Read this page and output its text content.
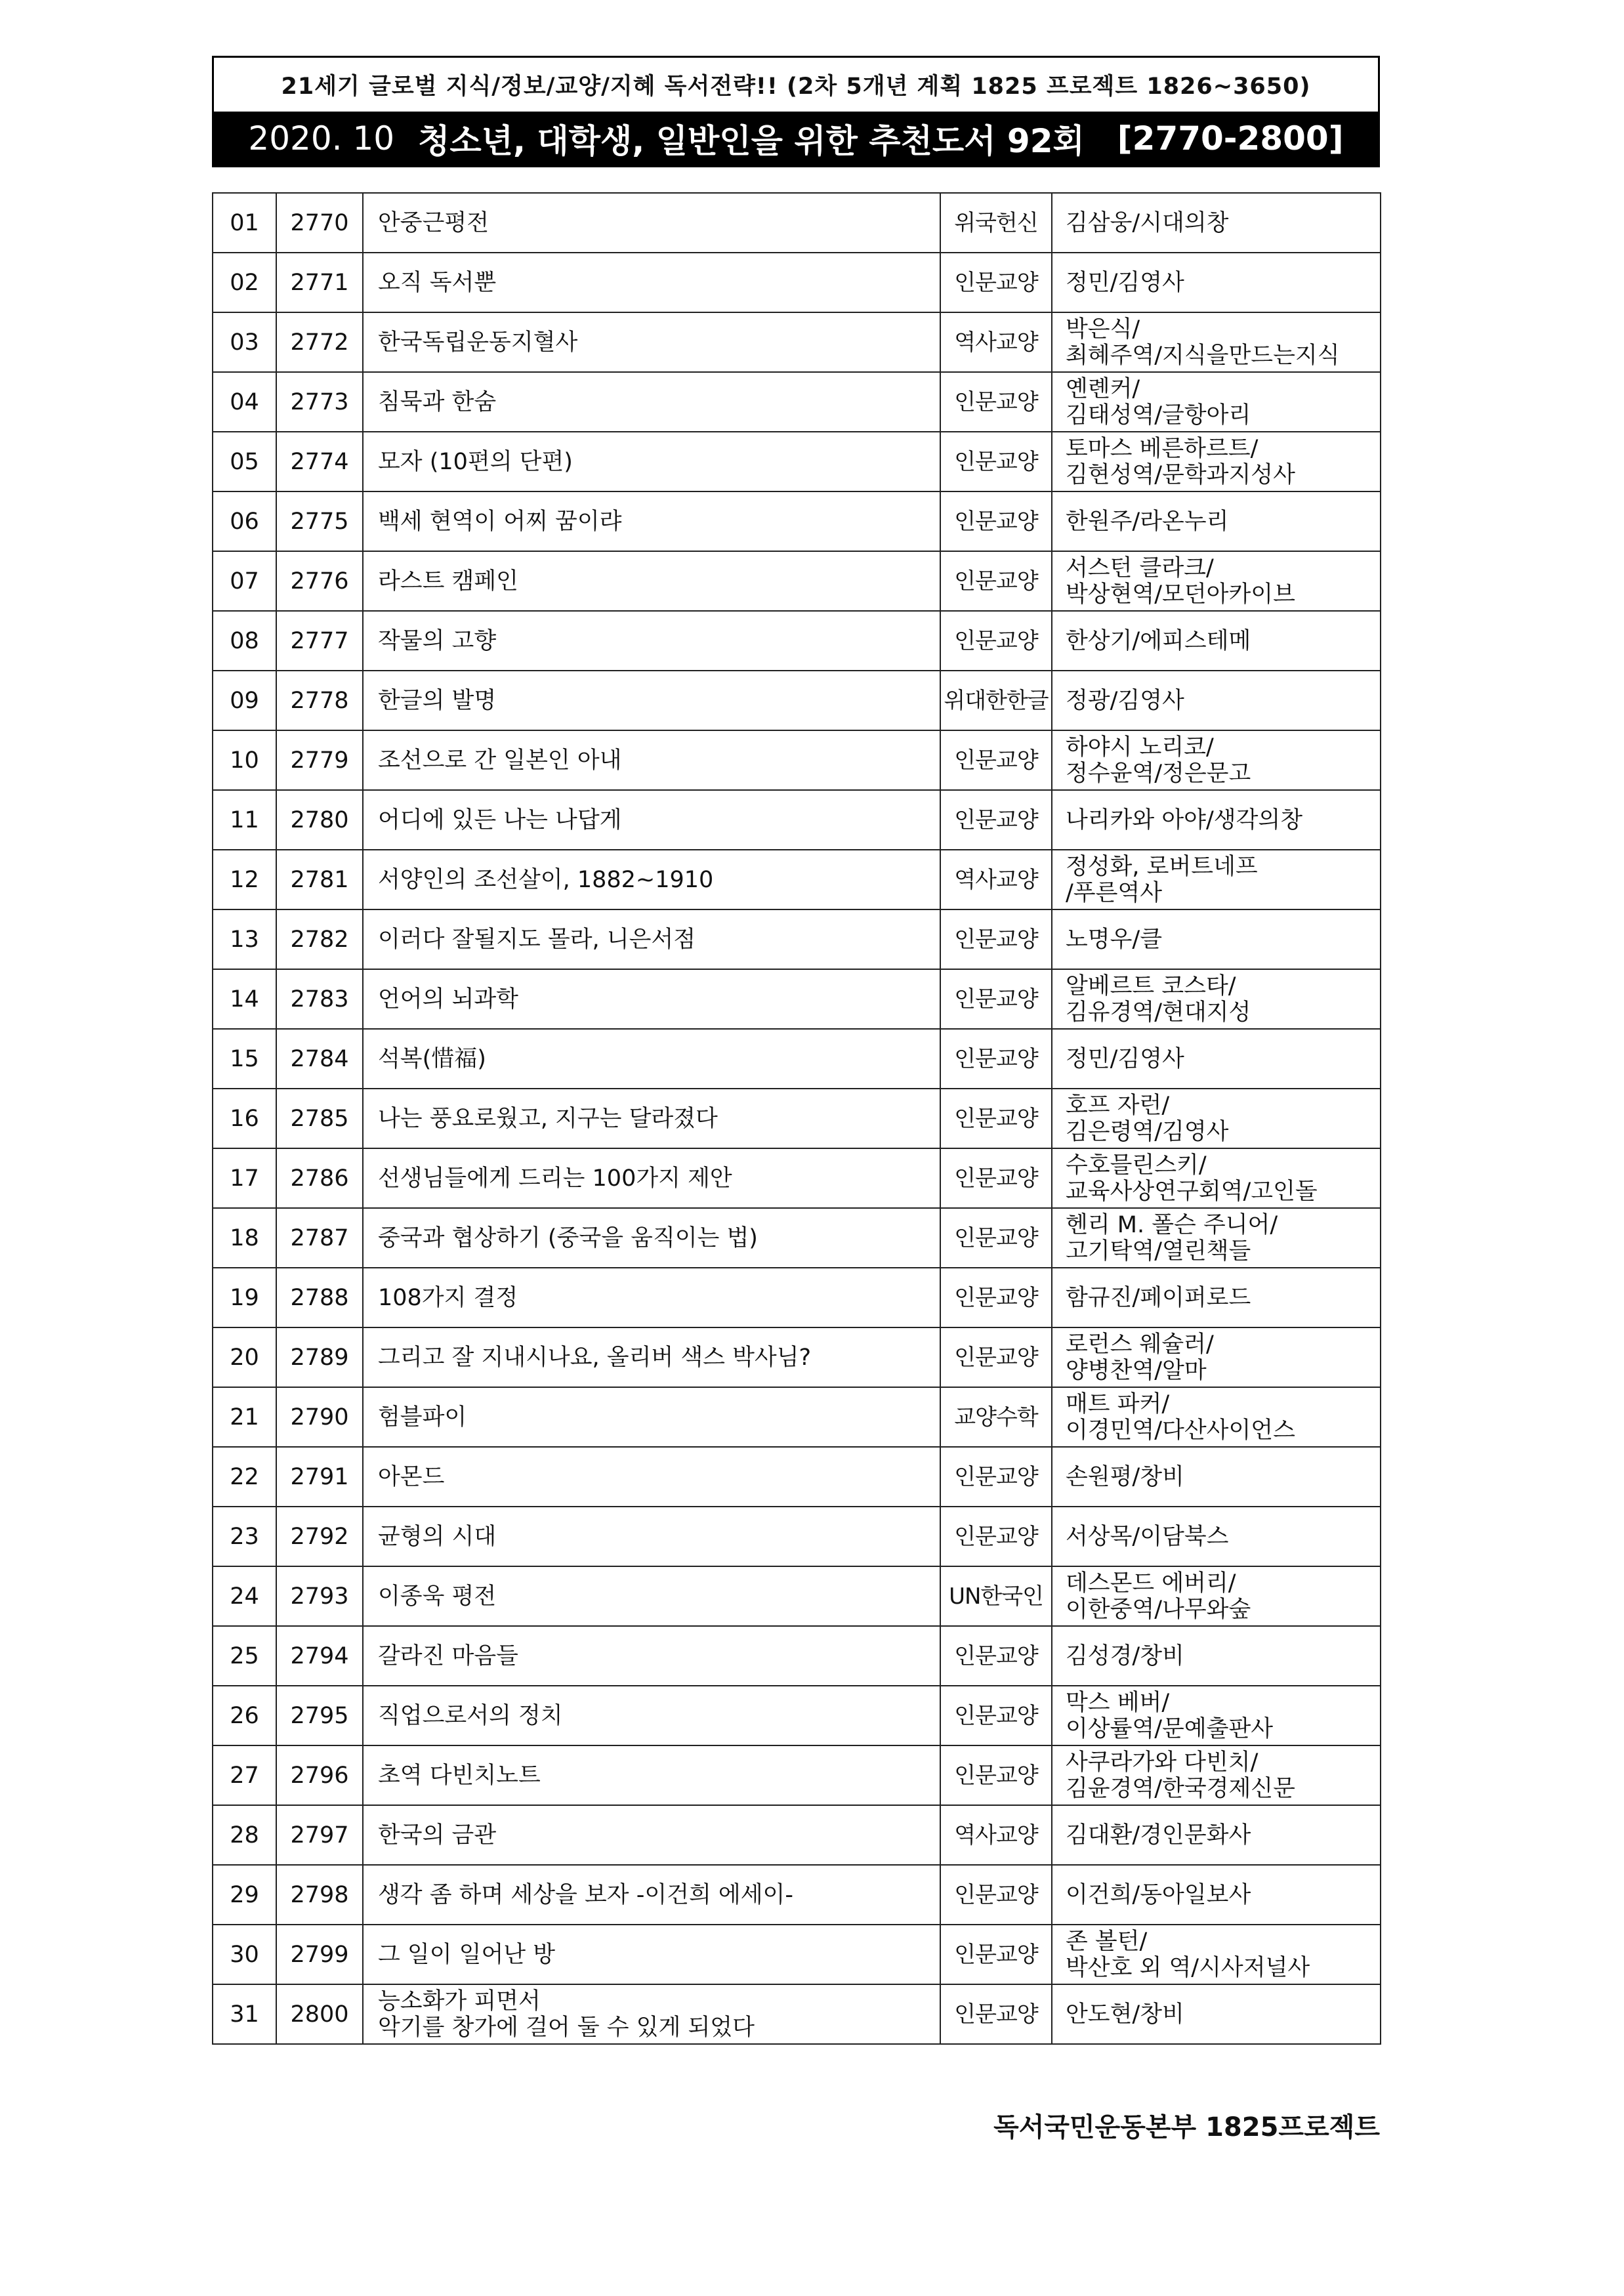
21세기 글로벌 지식/정보/교양/지혜 독서전략!! (2차 5개년 계획 1825 프로젝트 1826~3650)
2020. 10 청소년, 대학생, 일반인을 위한 추천도서 92회 [2770-2800]
01	2770	안중근평전	위국헌신	김삼웅/시대의창
02	2771	오직 독서뿐	인문교양	정민/김영사
03	2772	한국독립운동지혈사	역사교양	박은식/
최혜주역/지식을만드는지식
04	2773	침묵과 한숨	인문교양	옌롄커/
김태성역/글항아리
05	2774	모자 (10편의 단편)	인문교양	토마스 베른하르트/
김현성역/문학과지성사
06	2775	백세 현역이 어찌 꿈이랴	인문교양	한원주/라온누리
07	2776	라스트 캠페인	인문교양	서스턴 클라크/
박상현역/모던아카이브
08	2777	작물의 고향	인문교양	한상기/에피스테메
09	2778	한글의 발명	위대한한글	정광/김영사
10	2779	조선으로 간 일본인 아내	인문교양	하야시 노리코/
정수윤역/정은문고
11	2780	어디에 있든 나는 나답게	인문교양	나리카와 아야/생각의창
12	2781	서양인의 조선살이, 1882~1910	역사교양	정성화, 로버트네프
/푸른역사
13	2782	이러다 잘될지도 몰라, 니은서점	인문교양	노명우/클
14	2783	언어의 뇌과학	인문교양	알베르트 코스타/
김유경역/현대지성
15	2784	석복(惜福)	인문교양	정민/김영사
16	2785	나는 풍요로웠고, 지구는 달라졌다	인문교양	호프 자런/
김은령역/김영사
17	2786	선생님들에게 드리는 100가지 제안	인문교양	수호믈린스키/
교육사상연구회역/고인돌
18	2787	중국과 협상하기 (중국을 움직이는 법)	인문교양	헨리 M. 폴슨 주니어/
고기탁역/열린책들
19	2788	108가지 결정	인문교양	함규진/페이퍼로드
20	2789	그리고 잘 지내시나요, 올리버 색스 박사님?	인문교양	로런스 웨슐러/
양병찬역/알마
21	2790	험블파이	교양수학	매트 파커/
이경민역/다산사이언스
22	2791	아몬드	인문교양	손원평/창비
23	2792	균형의 시대	인문교양	서상목/이담북스
24	2793	이종욱 평전	UN한국인	데스몬드 에버리/
이한중역/나무와숲
25	2794	갈라진 마음들	인문교양	김성경/창비
26	2795	직업으로서의 정치	인문교양	막스 베버/
이상률역/문예출판사
27	2796	초역 다빈치노트	인문교양	사쿠라가와 다빈치/
김윤경역/한국경제신문
28	2797	한국의 금관	역사교양	김대환/경인문화사
29	2798	생각 좀 하며 세상을 보자 -이건희 에세이-	인문교양	이건희/동아일보사
30	2799	그 일이 일어난 방	인문교양	존 볼턴/
박산호 외 역/시사저널사
31	2800	능소화가 피면서
악기를 창가에 걸어 둘 수 있게 되었다	인문교양	안도현/창비
독서국민운동본부 1825프로젝트
